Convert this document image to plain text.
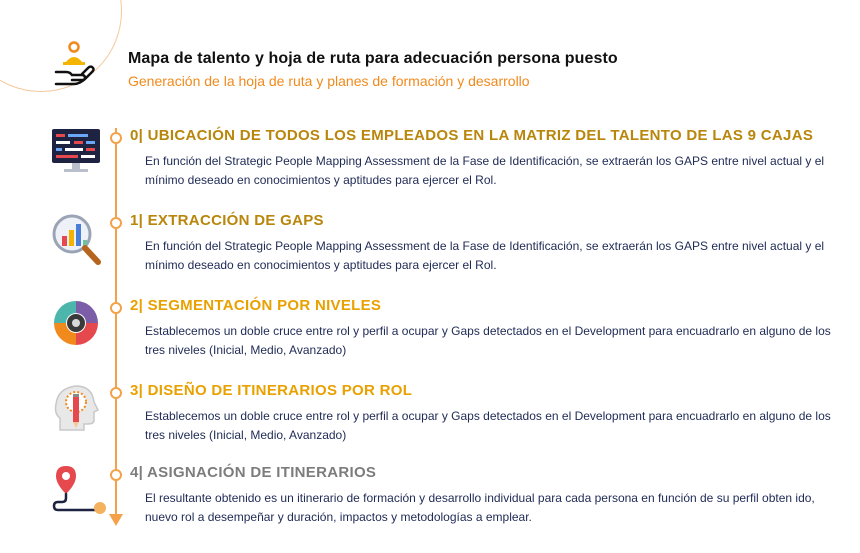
Mapa de talento y hoja de ruta para adecuación persona puesto
Generación de la hoja de ruta y planes de formación y desarrollo
0| UBICACIÓN DE TODOS LOS EMPLEADOS EN LA MATRIZ DEL TALENTO DE LAS 9 CAJAS
En función del Strategic People Mapping Assessment de la Fase de Identificación, se extraerán los GAPS entre nivel actual y el mínimo deseado en conocimientos y aptitudes para ejercer el Rol.
1| EXTRACCIÓN DE GAPS
En función del Strategic People Mapping Assessment de la Fase de Identificación, se extraerán los GAPS entre nivel actual y el mínimo deseado en conocimientos y aptitudes para ejercer el Rol.
2| SEGMENTACIÓN POR NIVELES
Establecemos un doble cruce entre rol y perfil a ocupar y Gaps detectados en el Development para encuadrarlo en alguno de los tres niveles (Inicial, Medio, Avanzado)
3| DISEÑO DE ITINERARIOS POR ROL
Establecemos un doble cruce entre rol y perfil a ocupar y Gaps detectados en el Development para encuadrarlo en alguno de los tres niveles (Inicial, Medio, Avanzado)
4| ASIGNACIÓN DE ITINERARIOS
El resultante obtenido es un itinerario de formación y desarrollo individual para cada persona en función de su perfil obten ido, nuevo rol a desempeñar y duración, impactos y metodologías a emplear.
